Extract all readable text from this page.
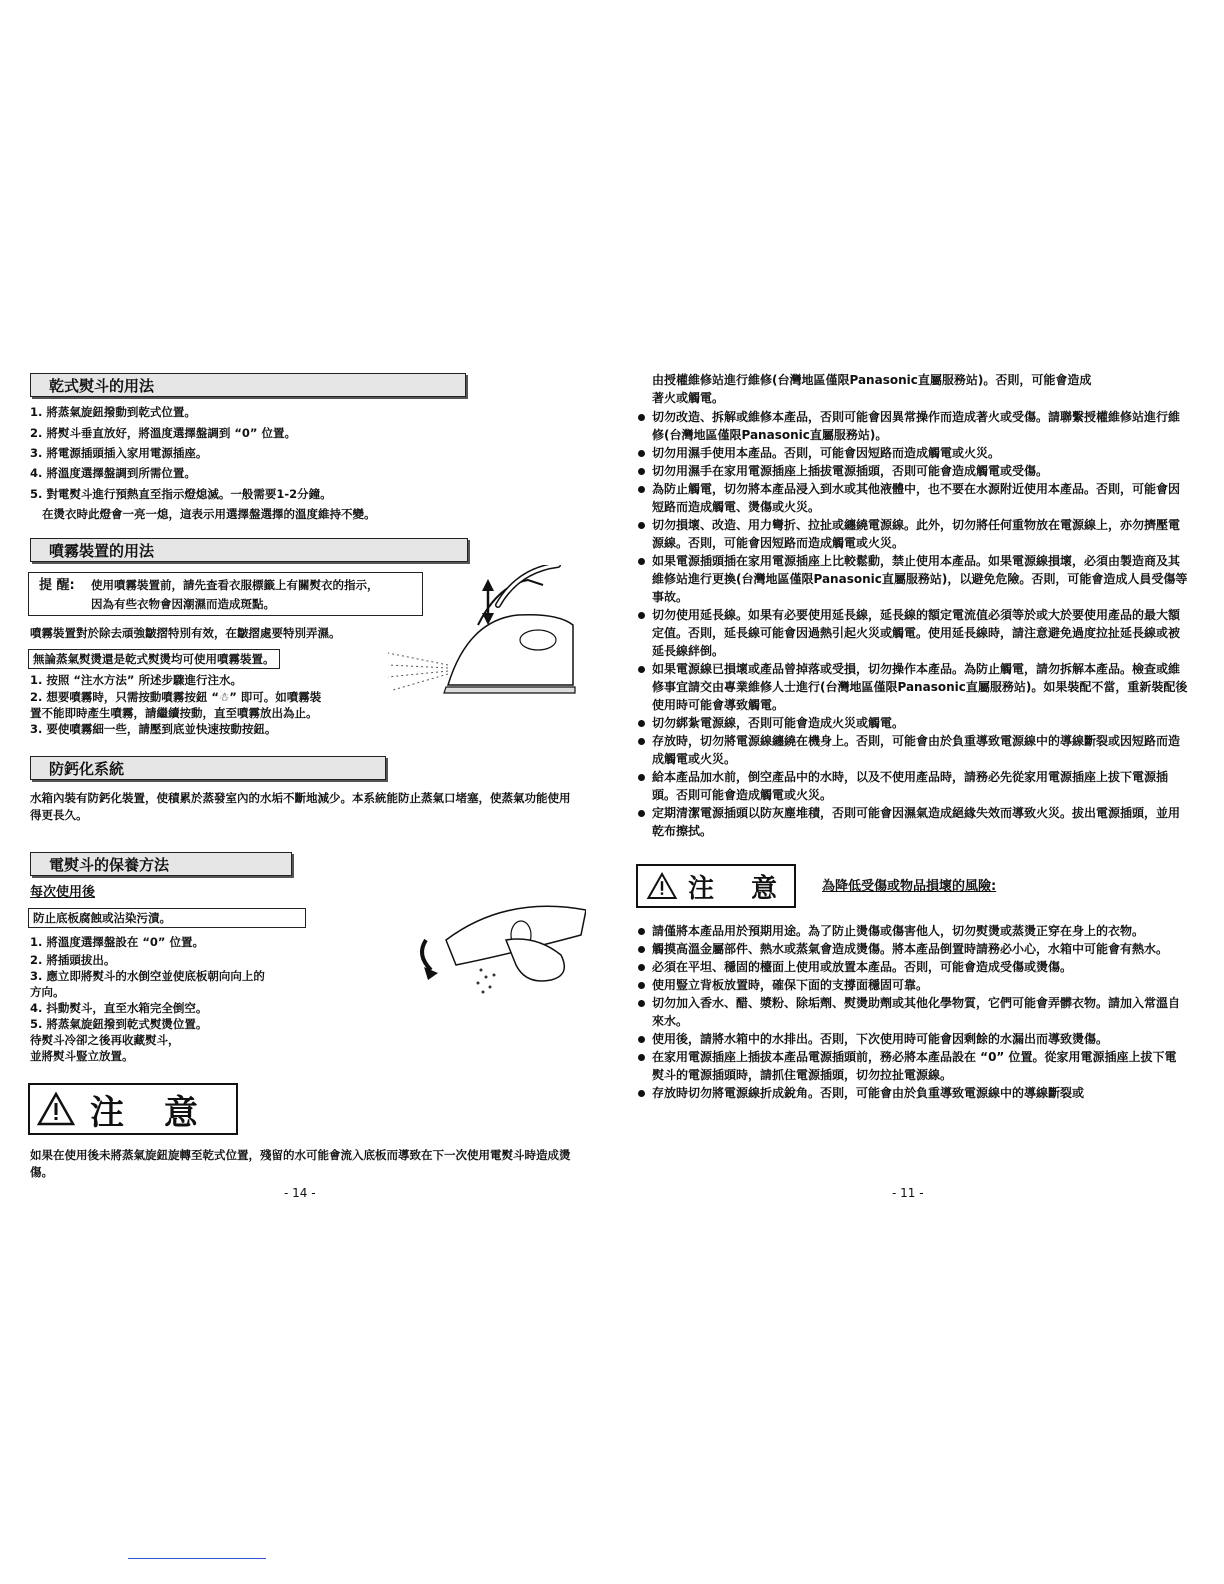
乾式熨斗的用法
1. 將蒸氣旋鈕撥動到乾式位置。
2. 將熨斗垂直放好，將溫度選擇盤調到 “0” 位置。
3. 將電源插頭插入家用電源插座。
4. 將溫度選擇盤調到所需位置。
5. 對電熨斗進行預熱直至指示燈熄滅。一般需要1-2分鐘。
在燙衣時此燈會一亮一熄，這表示用選擇盤選擇的溫度維持不變。
噴霧裝置的用法
提 醒: 使用噴霧裝置前，請先查看衣服標籤上有關熨衣的指示，
因為有些衣物會因潮濕而造成斑點。
噴霧裝置對於除去頑強皺摺特別有效，在皺摺處要特別弄濕。
無論蒸氣熨燙還是乾式熨燙均可使用噴霧裝置。
1. 按照 “注水方法” 所述步驟進行注水。
2. 想要噴霧時，只需按動噴霧按鈕 “☃” 即可。如噴霧裝
置不能即時產生噴霧，請繼續按動，直至噴霧放出為止。
3. 要使噴霧細一些，請壓到底並快速按動按鈕。
防鈣化系統
水箱內裝有防鈣化裝置，使積累於蒸發室內的水垢不斷地減少。本系統能防止蒸氣口堵塞，使蒸氣功能使用得更長久。
電熨斗的保養方法
每次使用後
防止底板腐蝕或沾染污漬。
1. 將溫度選擇盤設在 “0” 位置。
2. 將插頭拔出。
3. 應立即將熨斗的水倒空並使底板朝向向上的
方向。
4. 抖動熨斗，直至水箱完全倒空。
5. 將蒸氣旋鈕撥到乾式熨燙位置。
待熨斗冷卻之後再收藏熨斗，
並將熨斗豎立放置。
注 意
如果在使用後未將蒸氣旋鈕旋轉至乾式位置，殘留的水可能會流入底板而導致在下一次使用電熨斗時造成燙傷。
- 14 -
由授權維修站進行維修(台灣地區僅限Panasonic直屬服務站)。否則，可能會造成
著火或觸電。
切勿改造、拆解或維修本產品，否則可能會因異常操作而造成著火或受傷。請聯繫授權維修站進行維修(台灣地區僅限Panasonic直屬服務站)。
切勿用濕手使用本產品。否則，可能會因短路而造成觸電或火災。
切勿用濕手在家用電源插座上插拔電源插頭，否則可能會造成觸電或受傷。
為防止觸電，切勿將本產品浸入到水或其他液體中，也不要在水源附近使用本產品。否則，可能會因短路而造成觸電、燙傷或火災。
切勿損壞、改造、用力彎折、拉扯或纏繞電源線。此外，切勿將任何重物放在電源線上，亦勿擠壓電源線。否則，可能會因短路而造成觸電或火災。
如果電源插頭插在家用電源插座上比較鬆動，禁止使用本產品。如果電源線損壞，必須由製造商及其維修站進行更換(台灣地區僅限Panasonic直屬服務站)，以避免危險。否則，可能會造成人員受傷等事故。
切勿使用延長線。如果有必要使用延長線，延長線的額定電流值必須等於或大於要使用產品的最大額定值。否則，延長線可能會因過熱引起火災或觸電。使用延長線時，請注意避免過度拉扯延長線或被延長線絆倒。
如果電源線已損壞或產品曾掉落或受損，切勿操作本產品。為防止觸電，請勿拆解本產品。檢查或維修事宜請交由專業維修人士進行(台灣地區僅限Panasonic直屬服務站)。如果裝配不當，重新裝配後使用時可能會導致觸電。
切勿綁紮電源線，否則可能會造成火災或觸電。
存放時，切勿將電源線纏繞在機身上。否則，可能會由於負重導致電源線中的導線斷裂或因短路而造成觸電或火災。
給本產品加水前，倒空產品中的水時，以及不使用產品時，請務必先從家用電源插座上拔下電源插頭。否則可能會造成觸電或火災。
定期清潔電源插頭以防灰塵堆積，否則可能會因濕氣造成絕緣失效而導致火災。拔出電源插頭，並用乾布擦拭。
注 意 為降低受傷或物品損壞的風險:
請僅將本產品用於預期用途。為了防止燙傷或傷害他人，切勿熨燙或蒸燙正穿在身上的衣物。
觸摸高溫金屬部件、熱水或蒸氣會造成燙傷。將本產品倒置時請務必小心，水箱中可能會有熱水。
必須在平坦、穩固的檯面上使用或放置本產品。否則，可能會造成受傷或燙傷。
使用豎立背板放置時，確保下面的支撐面穩固可靠。
切勿加入香水、醋、漿粉、除垢劑、熨燙助劑或其他化學物質，它們可能會弄髒衣物。請加入常溫自來水。
使用後，請將水箱中的水排出。否則，下次使用時可能會因剩餘的水漏出而導致燙傷。
在家用電源插座上插拔本產品電源插頭前，務必將本產品設在 “0” 位置。從家用電源插座上拔下電熨斗的電源插頭時，請抓住電源插頭，切勿拉扯電源線。
存放時切勿將電源線折成銳角。否則，可能會由於負重導致電源線中的導線斷裂或
- 11 -
